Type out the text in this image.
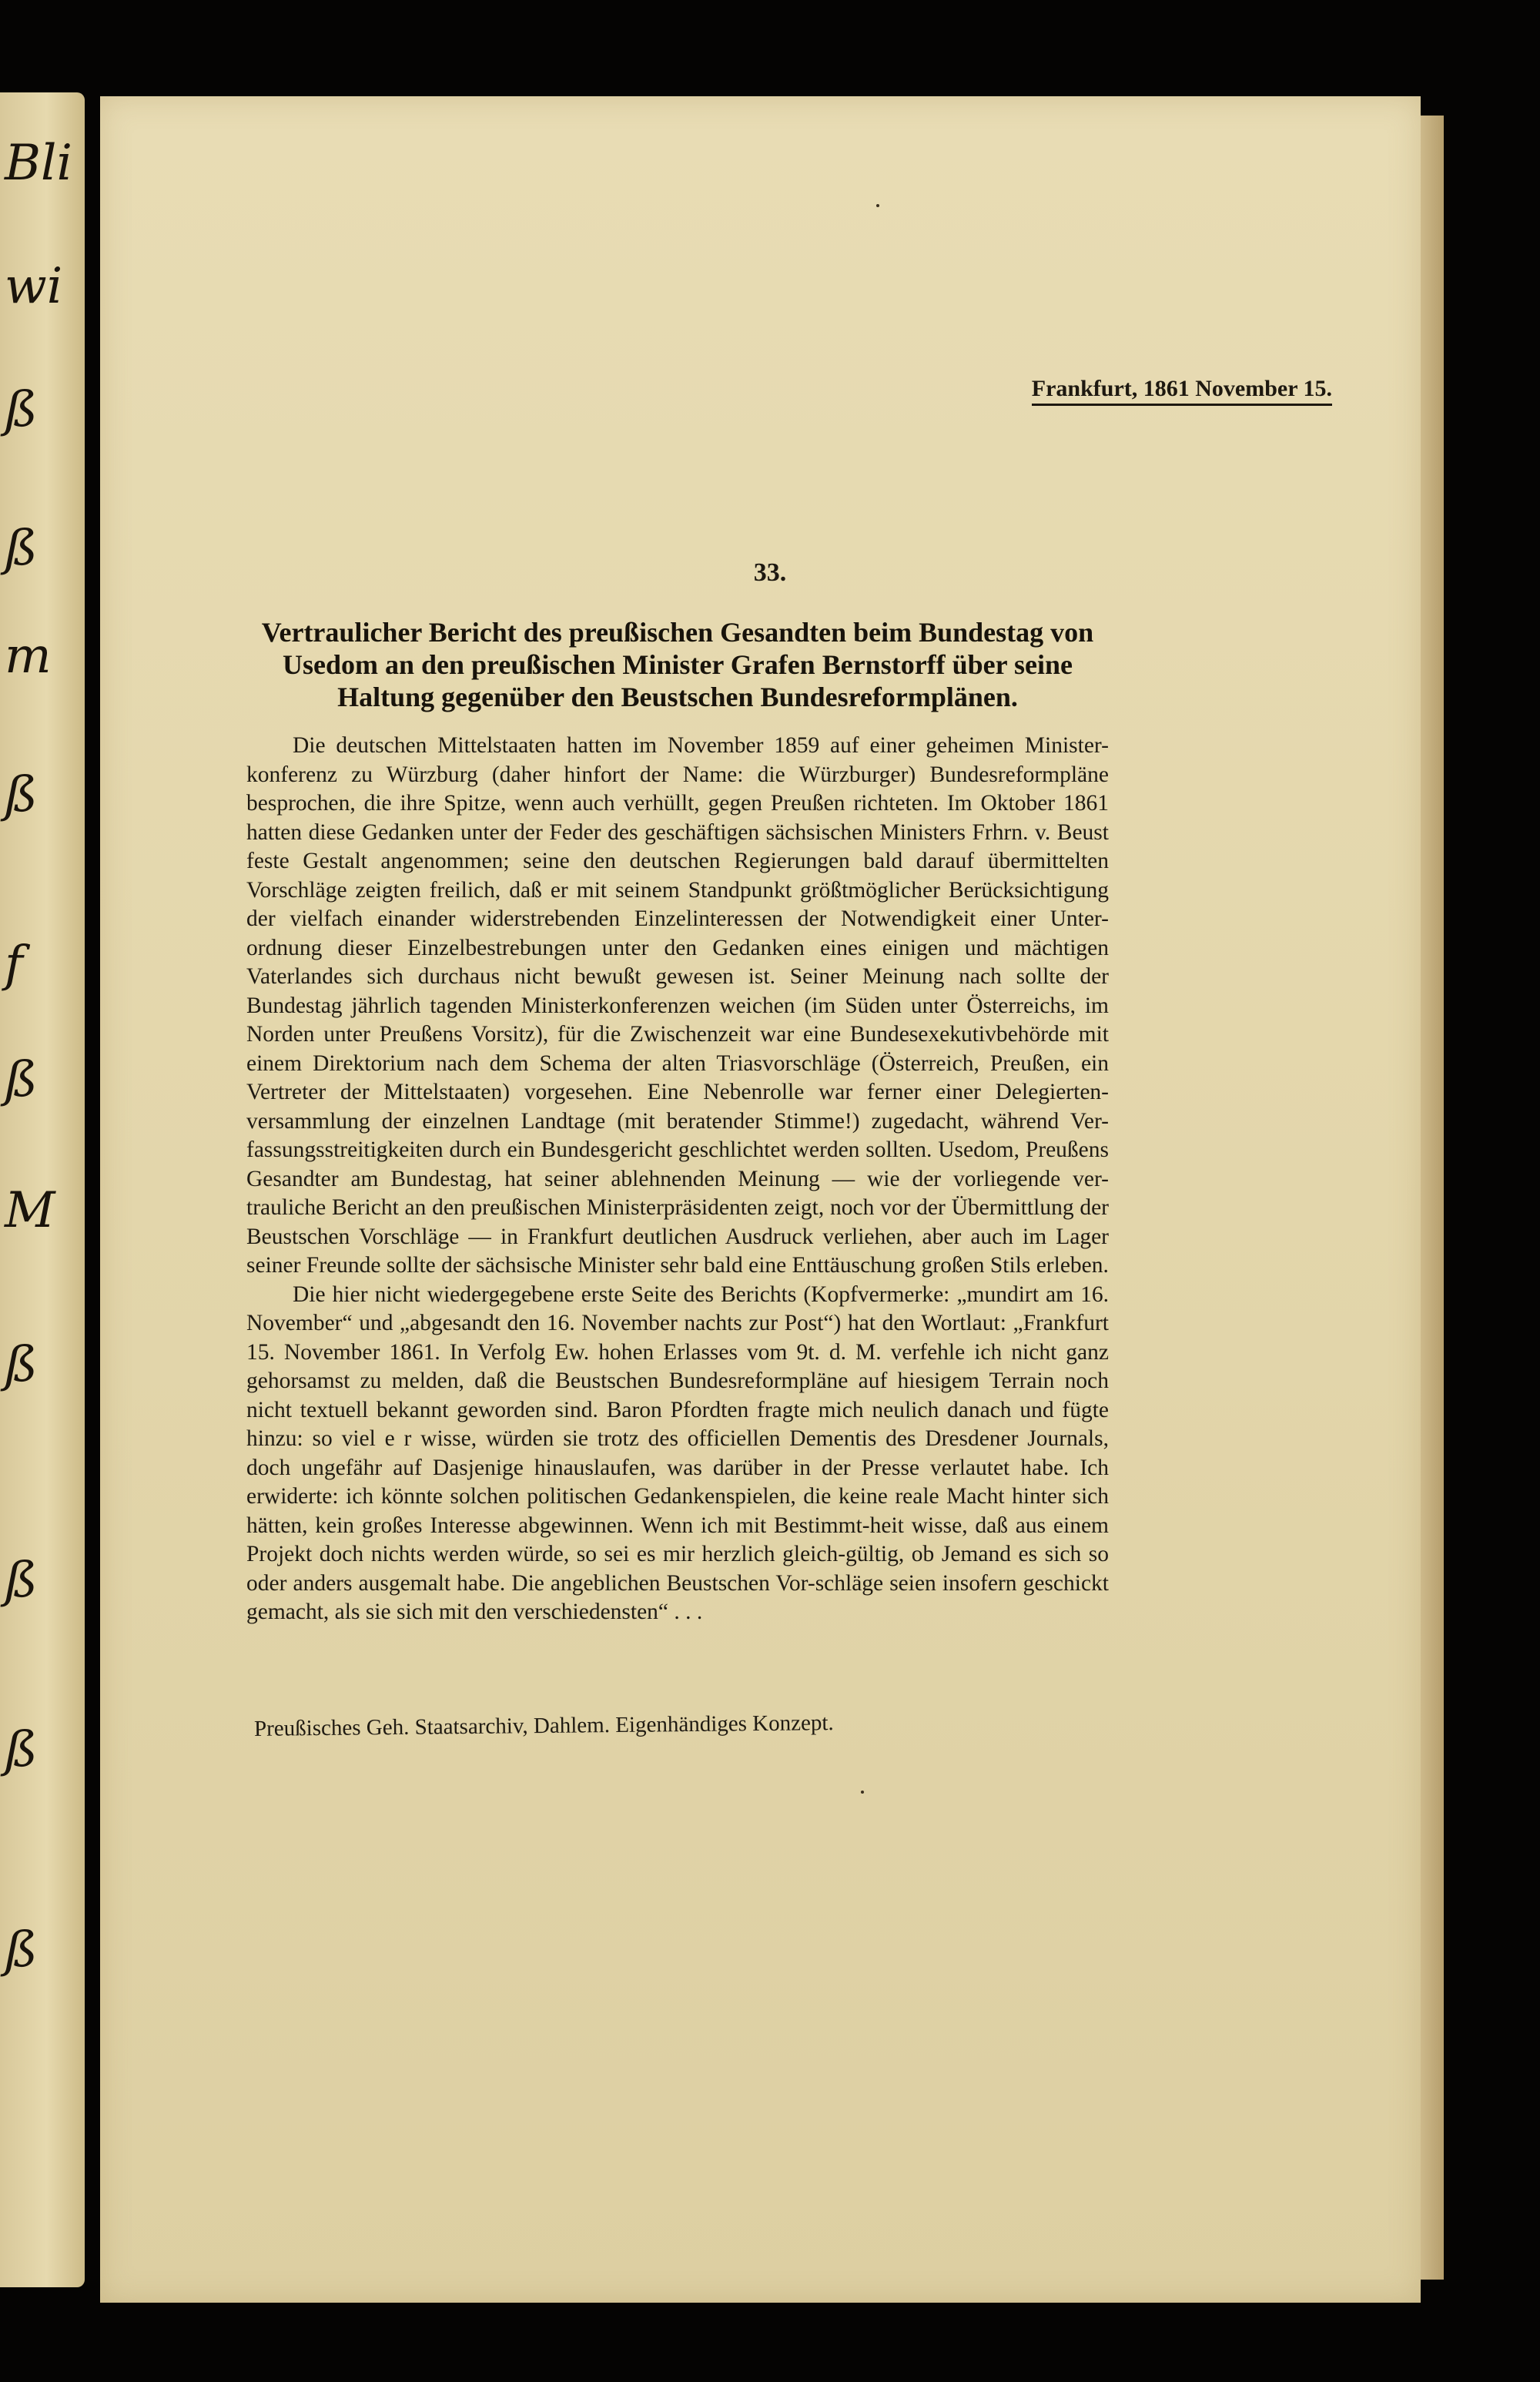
Bli
wi
ß
ß
m
ß
f
ß
M
ß
ß
ß
ß
Frankfurt, 1861 November 15.
33.
Vertraulicher Bericht des preußischen Gesandten beim Bundestag von Usedom an den preußischen Minister Grafen Bernstorff über seine Haltung gegenüber den Beustschen Bundesreformplänen.

Die deutschen Mittelstaaten hatten im November 1859 auf einer geheimen Minister-konferenz zu Würzburg (daher hinfort der Name: die Würzburger) Bundesreformpläne besprochen, die ihre Spitze, wenn auch verhüllt, gegen Preußen richteten. Im Oktober 1861 hatten diese Gedanken unter der Feder des geschäftigen sächsischen Ministers Frhrn. v. Beust feste Gestalt angenommen; seine den deutschen Regierungen bald darauf übermittelten Vorschläge zeigten freilich, daß er mit seinem Standpunkt größtmöglicher Berücksichtigung der vielfach einander widerstrebenden Einzelinteressen der Notwendigkeit einer Unter-ordnung dieser Einzelbestrebungen unter den Gedanken eines einigen und mächtigen Vaterlandes sich durchaus nicht bewußt gewesen ist. Seiner Meinung nach sollte der Bundestag jährlich tagenden Ministerkonferenzen weichen (im Süden unter Österreichs, im Norden unter Preußens Vorsitz), für die Zwischenzeit war eine Bundesexekutivbehörde mit einem Direktorium nach dem Schema der alten Triasvorschläge (Österreich, Preußen, ein Vertreter der Mittelstaaten) vorgesehen. Eine Nebenrolle war ferner einer Delegierten-versammlung der einzelnen Landtage (mit beratender Stimme!) zugedacht, während Ver-fassungsstreitigkeiten durch ein Bundesgericht geschlichtet werden sollten. Usedom, Preußens Gesandter am Bundestag, hat seiner ablehnenden Meinung — wie der vorliegende ver-trauliche Bericht an den preußischen Ministerpräsidenten zeigt, noch vor der Übermittlung der Beustschen Vorschläge — in Frankfurt deutlichen Ausdruck verliehen, aber auch im Lager seiner Freunde sollte der sächsische Minister sehr bald eine Enttäuschung großen Stils erleben.

Die hier nicht wiedergegebene erste Seite des Berichts (Kopfvermerke: „mundirt am 16. November“ und „abgesandt den 16. November nachts zur Post“) hat den Wortlaut: „Frankfurt 15. November 1861. In Verfolg Ew. hohen Erlasses vom 9t. d. M. verfehle ich nicht ganz gehorsamst zu melden, daß die Beustschen Bundesreformpläne auf hiesigem Terrain noch nicht textuell bekannt geworden sind. Baron Pfordten fragte mich neulich danach und fügte hinzu: so viel e r wisse, würden sie trotz des officiellen Dementis des Dresdener Journals, doch ungefähr auf Dasjenige hinauslaufen, was darüber in der Presse verlautet habe. Ich erwiderte: ich könnte solchen politischen Gedankenspielen, die keine reale Macht hinter sich hätten, kein großes Interesse abgewinnen. Wenn ich mit Bestimmt-heit wisse, daß aus einem Projekt doch nichts werden würde, so sei es mir herzlich gleich-gültig, ob Jemand es sich so oder anders ausgemalt habe. Die angeblichen Beustschen Vor-schläge seien insofern geschickt gemacht, als sie sich mit den verschiedensten“ . . .

Preußisches Geh. Staatsarchiv, Dahlem. Eigenhändiges Konzept.
